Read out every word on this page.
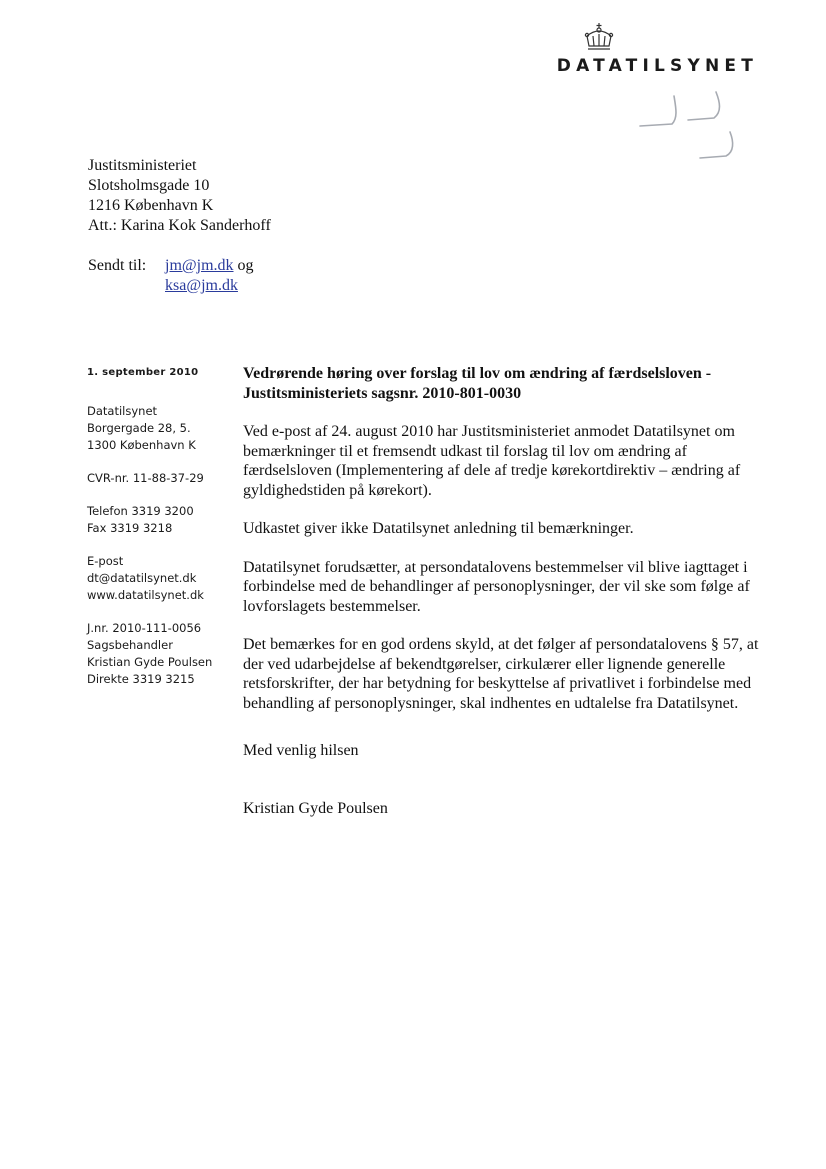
DATATILSYNET
Justitsministeriet
Slotsholmsgade 10
1216 København K
Att.: Karina Kok Sanderhoff
Sendt til: jm@jm.dk og
ksa@jm.dk
1. september 2010
Datatilsynet
Borgergade 28, 5.
1300 København K
CVR-nr. 11-88-37-29
Telefon 3319 3200
Fax 3319 3218
E-post
dt@datatilsynet.dk
www.datatilsynet.dk
J.nr. 2010-111-0056
Sagsbehandler
Kristian Gyde Poulsen
Direkte 3319 3215

Vedrørende høring over forslag til lov om ændring af færdselsloven - Justitsministeriets sagsnr. 2010-801-0030

Ved e-post af 24. august 2010 har Justitsministeriet anmodet Datatilsynet om bemærkninger til et fremsendt udkast til forslag til lov om ændring af færdselsloven (Implementering af dele af tredje kørekortdirektiv – ændring af gyldighedstiden på kørekort).

Udkastet giver ikke Datatilsynet anledning til bemærkninger.

Datatilsynet forudsætter, at persondatalovens bestemmelser vil blive iagttaget i forbindelse med de behandlinger af personoplysninger, der vil ske som følge af lovforslagets bestemmelser.

Det bemærkes for en god ordens skyld, at det følger af persondatalovens § 57, at der ved udarbejdelse af bekendtgørelser, cirkulærer eller lignende generelle retsforskrifter, der har betydning for beskyttelse af privatlivet i forbindelse med behandling af personoplysninger, skal indhentes en udtalelse fra Datatilsynet.

Med venlig hilsen

Kristian Gyde Poulsen
